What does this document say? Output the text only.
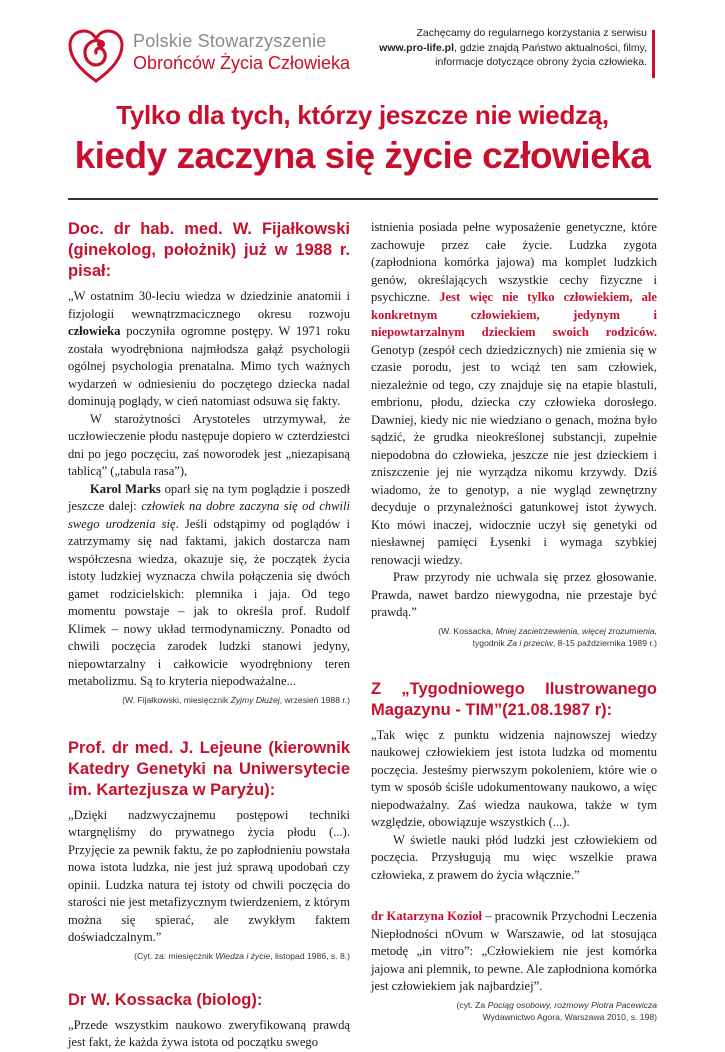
Polskie Stowarzyszenie
Obrońców Życia Człowieka
Zachęcamy do regularnego korzystania z serwisu
www.pro-life.pl, gdzie znajdą Państwo aktualności, filmy,
informacje dotyczące obrony życia człowieka.
Tylko dla tych, którzy jeszcze nie wiedzą,
kiedy zaczyna się życie człowieka
Doc. dr hab. med. W. Fijałkowski (ginekolog, położnik) już w 1988 r. pisał:

„W ostatnim 30-leciu wiedza w dziedzinie anatomii i fizjologii wewnątrzmacicznego okresu rozwoju człowieka poczyniła ogromne postępy. W 1971 roku została wyodrębniona najmłodsza gałąź psychologii ogólnej psychologia prenatalna. Mimo tych ważnych wydarzeń w odniesieniu do poczętego dziecka nadal dominują poglądy, w cień natomiast odsuwa się fakty.

W starożytności Arystoteles utrzymywał, że uczłowieczenie płodu następuje dopiero w czterdziestci dni po jego poczęciu, zaś noworodek jest „niezapisaną tablicą” („tabula rasa”),

Karol Marks oparł się na tym poglądzie i poszedł jeszcze dalej: człowiek na dobre zaczyna się od chwili swego urodzenia się. Jeśli odstąpimy od poglądów i zatrzymamy się nad faktami, jakich dostarcza nam współczesna wiedza, okazuje się, że początek życia istoty ludzkiej wyznacza chwila połączenia się dwóch gamet rodzicielskich: plemnika i jaja. Od tego momentu powstaje – jak to określa prof. Rudolf Klimek – nowy układ termodynamiczny. Ponadto od chwili poczęcia zarodek ludzki stanowi jedyny, niepowtarzalny i całkowicie wyodrębniony teren metabolizmu. Są to kryteria niepodważalne...

(W. Fijałkowski, miesięcznik Żyjmy Dłużej, wrzesień 1988 r.)
Prof. dr med. J. Lejeune (kierownik Katedry Genetyki na Uniwersytecie im. Kartezjusza w Paryżu):

„Dzięki nadzwyczajnemu postępowi techniki wtargnęliśmy do prywatnego życia płodu (...). Przyjęcie za pewnik faktu, że po zapłodnieniu powstała nowa istota ludzka, nie jest już sprawą upodobań czy opinii. Ludzka natura tej istoty od chwili poczęcia do starości nie jest metafizycznym twierdzeniem, z którym można się spierać, ale zwykłym faktem doświadczalnym.”

(Cyt. za: miesięcznik Wiedza i życie, listopad 1986, s. 8.)
Dr W. Kossacka (biolog):

„Przede wszystkim naukowo zweryfikowaną prawdą jest fakt, że każda żywa istota od początku swego

istnienia posiada pełne wyposażenie genetyczne, które zachowuje przez całe życie. Ludzka zygota (zapłodniona komórka jajowa) ma komplet ludzkich genów, określających wszystkie cechy fizyczne i psychiczne. Jest więc nie tylko człowiekiem, ale konkretnym człowiekiem, jedynym i niepowtarzalnym dzieckiem swoich rodziców. Genotyp (zespół cech dziedzicznych) nie zmienia się w czasie porodu, jest to wciąż ten sam człowiek, niezależnie od tego, czy znajduje się na etapie blastuli, embrionu, płodu, dziecka czy człowieka dorosłego. Dawniej, kiedy nic nie wiedziano o genach, można było sądzić, że grudka nieokreślonej substancji, zupełnie niepodobna do człowieka, jeszcze nie jest dzieckiem i zniszczenie jej nie wyrządza nikomu krzywdy. Dziś wiadomo, że to genotyp, a nie wygląd zewnętrzny decyduje o przynależności gatunkowej istot żywych. Kto mówi inaczej, widocznie uczył się genetyki od niesławnej pamięci Łysenki i wymaga szybkiej renowacji wiedzy.

Praw przyrody nie uchwala się przez głosowanie. Prawda, nawet bardzo niewygodna, nie przestaje być prawdą.”

(W. Kossacka, Mniej zacietrzewienia, więcej zrozumienia,
tygodnik Za i przeciw, 8-15 października 1989 r.)
Z „Tygodniowego Ilustrowanego Magazynu - TIM”(21.08.1987 r):

„Tak więc z punktu widzenia najnowszej wiedzy naukowej człowiekiem jest istota ludzka od momentu poczęcia. Jesteśmy pierwszym pokoleniem, które wie o tym w sposób ściśle udokumentowany naukowo, a więc niepodważalny. Zaś wiedza naukowa, także w tym względzie, obowiązuje wszystkich (...).

W świetle nauki płód ludzki jest człowiekiem od poczęcia. Przysługują mu więc wszelkie prawa człowieka, z prawem do życia włącznie.”

dr Katarzyna Kozioł – pracownik Przychodni Leczenia Niepłodności nOvum w Warszawie, od lat stosująca metodę „in vitro”: „Człowiekiem nie jest komórka jajowa ani plemnik, to pewne. Ale zapłodniona komórka jest człowiekiem jak najbardziej”.

(cyt. Za Pociąg osobowy, rozmowy Piotra Pacewicza
Wydawnictwo Agora, Warszawa 2010, s. 198)
